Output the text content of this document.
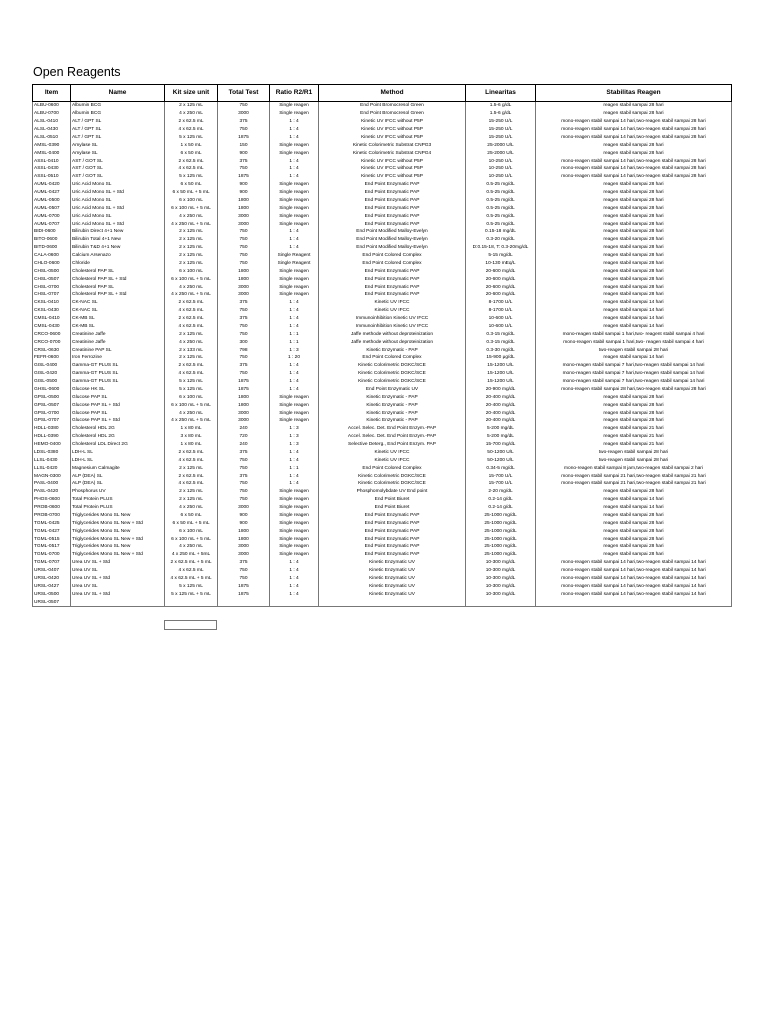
Open Reagents
Item	Name	Kit size unit	Total Test	Ratio R2/R1	Method	Linearitas	Stabilitas Reagen
ALBU-0600	Albumin BCG	2 x 125 mL	750	Single reagen	End Point Bromocresol Green	1.5-6 g/dL	reagen stabil sampai 28 hari
ALBU-0700	Albumin BCG	4 x 250 mL	3000	Single reagen	End Point Bromocresol Green	1.5-6 g/dL	reagen stabil sampai 28 hari
ALSL-0410	ALT / GPT SL	2 x 62.5 mL	375	1 : 4	Kinetic UV IFCC without P5P	15-250 U/L	mono-reagen stabil sampai 14 hari,two-reagen stabil sampai 28 hari
ALSL-0430	ALT / GPT SL	4 x 62.5 mL	750	1 : 4	Kinetic UV IFCC without P5P	15-250 U/L	mono-reagen stabil sampai 14 hari,two-reagen stabil sampai 28 hari
ALSL-0510	ALT / GPT SL	5 x 125 mL	1875	1 : 4	Kinetic UV IFCC without P5P	15-250 U/L	mono-reagen stabil sampai 14 hari,two-reagen stabil sampai 28 hari
AMSL-0390	Amylase SL	1 x 50 mL	150	Single reagen	Kinetic Colorimetric Substrat CNPG3	25-2000 U/L	reagen stabil sampai 28 hari
AMSL-0400	Amylase SL	6 x 50 mL	900	Single reagen	Kinetic Colorimetric Substrat CNPG4	25-2000 U/L	reagen stabil sampai 28 hari
ASSL-0410	AST / GOT SL	2 x 62.5 mL	375	1 : 4	Kinetic UV IFCC without P5P	10-250 U/L	mono-reagen stabil sampai 14 hari,two-reagen stabil sampai 28 hari
ASSL-0430	AST / GOT SL	4 x 62.5 mL	750	1 : 4	Kinetic UV IFCC without P5P	10-250 U/L	mono-reagen stabil sampai 14 hari,two-reagen stabil sampai 28 hari
ASSL-0510	AST / GOT SL	5 x 125 mL	1875	1 : 4	Kinetic UV IFCC without P5P	10-250 U/L	mono-reagen stabil sampai 14 hari,two-reagen stabil sampai 28 hari
AUML-0420	Uric Acid Mono SL	6 x 50 mL	900	Single reagen	End Point Enzymatic PAP	0.5-25 mg/dL	reagen stabil sampai 28 hari
AUML-0427	Uric Acid Mono SL + Std	6 x 50 mL + 5 mL	900	Single reagen	End Point Enzymatic PAP	0.5-25 mg/dL	reagen stabil sampai 28 hari
AUML-0500	Uric Acid Mono SL	6 x 100 mL	1800	Single reagen	End Point Enzymatic PAP	0.5-25 mg/dL	reagen stabil sampai 28 hari
AUML-0507	Uric Acid Mono SL + Std	6 x 100 mL + 5 mL	1800	Single reagen	End Point Enzymatic PAP	0.5-25 mg/dL	reagen stabil sampai 28 hari
AUML-0700	Uric Acid Mono SL	4 x 250 mL	3000	Single reagen	End Point Enzymatic PAP	0.5-25 mg/dL	reagen stabil sampai 28 hari
AUML-0707	Uric Acid Mono SL + Std	4 x 250 mL + 5 mL	3000	Single reagen	End Point Enzymatic PAP	0.5-25 mg/dL	reagen stabil sampai 28 hari
BIDI-0600	Bilirubin Direct 4+1 New	2 x 125 mL	750	1 : 4	End Point Modified Malloy-Evelyn	0.15-18 mg/dL	reagen stabil sampai 28 hari
BITO-0600	Bilirubin Total 4+1 New	2 x 125 mL	750	1 : 4	End Point Modified Malloy-Evelyn	0.3-20 mg/dL	reagen stabil sampai 28 hari
BITD-0600	Bilirubin T&D 4+1 New	2 x 125 mL	750	1 : 4	End Point Modified Malloy-Evelyn	D:0.15-18, T: 0.3-20mg/dL	reagen stabil sampai 28 hari
CALA-0600	Calcium Arsenazo	2 x 125 mL	750	Single Reagent	End Point Colored Complex	5-15 mg/dL	reagen stabil sampai 28 hari
CHLO-0600	Chloride	2 x 125 mL	750	Single Reagent	End Point Colored Complex	10-130 mEq/L	reagen stabil sampai 28 hari
CHSL-0500	Cholesterol PAP SL	6 x 100 mL	1800	Single reagen	End Point Enzymatic PAP	20-600 mg/dL	reagen stabil sampai 28 hari
CHSL-0507	Cholesterol PAP SL + Std	6 x 100 mL + 5 mL	1800	Single reagen	End Point Enzymatic PAP	20-600 mg/dL	reagen stabil sampai 28 hari
CHSL-0700	Cholesterol PAP SL	4 x 250 mL	3000	Single reagen	End Point Enzymatic PAP	20-600 mg/dL	reagen stabil sampai 28 hari
CHSL-0707	Cholesterol PAP SL + Std	4 x 250 mL + 5 mL	3000	Single reagen	End Point Enzymatic PAP	20-600 mg/dL	reagen stabil sampai 28 hari
CKSL-0410	CK-NAC SL	2 x 62.5 mL	375	1 : 4	Kinetic UV IFCC	8-1700 U/L	reagen stabil sampai 14 hari
CKSL-0430	CK-NAC SL	4 x 62.5 mL	750	1 : 4	Kinetic UV IFCC	8-1700 U/L	reagen stabil sampai 14 hari
CMSL-0410	CK-MB SL	2 x 62.5 mL	375	1 : 4	Immunoinhibition Kinetic UV IFCC	10-600 U/L	reagen stabil sampai 14 hari
CMSL-0430	CK-MB SL	4 x 62.5 mL	750	1 : 4	Immunoinhibition Kinetic UV IFCC	10-600 U/L	reagen stabil sampai 14 hari
CRCO-0600	Creatinine Jaffe	2 x 125 mL	750	1 : 1	Jaffe methode without deproteinization	0.3-15 mg/dL	mono-reagen stabil sampai 1 hari,two- reagent stabil sampai 4 hari
CRCO-0700	Creatinine Jaffe	4 x 250 mL	300	1 : 1	Jaffe methode without deproteinization	0.3-15 mg/dL	mono-reagen stabil sampai 1 hari,two- reagen stabil sampai 4 hari
CRSL-0630	Creatinine PAP SL	2 x 133 mL	798	1 : 3	Kinetic Enzymatic - PAP	0.3-30 mg/dL	two-reagen stabil sampai 28 hari
FEFR-0600	Iron Ferrozine	2 x 125 mL	750	1 : 20	End Point Colored Complex	15-900 μg/dL	reagen stabil sampai 14 hari
GISL-0400	Gamma-GT PLUS SL	2 x 62.5 mL	375	1 : 4	Kinetic Colorimetric DGKC/SCE	15-1200 U/L	mono-reagen stabil sampai 7 hari,two-reagen stabil sampai 14 hari
GISL-0420	Gamma-GT PLUS SL	4 x 62.5 mL	750	1 : 4	Kinetic Colorimetric DGKC/SCE	15-1200 U/L	mono-reagen stabil sampai 7 hari,two-reagen stabil sampai 14 hari
GISL-0500	Gamma-GT PLUS SL	5 x 125 mL	1875	1 : 4	Kinetic Colorimetric DGKC/SCE	15-1200 U/L	mono-reagen stabil sampai 7 hari,two-reagen stabil sampai 14 hari
GHSL-0600	Glucose HK SL	5 x 125 mL	1875	1 : 4	End Point Enzymatic UV	20-900 mg/dL	mono-reagen stabil sampai 28 hari,two-reagen stabil sampai 28 hari
GPSL-0500	Glucose PAP SL	6 x 100 mL	1800	Single reagen	Kinetic Enzymatic - PAP	20-400 mg/dL	reagen stabil sampai 28 hari
GPSL-0507	Glucose PAP SL + Std	6 x 100 mL + 5 mL	1800	Single reagen	Kinetic Enzymatic - PAP	20-400 mg/dL	reagen stabil sampai 28 hari
GPSL-0700	Glucose PAP SL	4 x 250 mL	3000	Single reagen	Kinetic Enzymatic - PAP	20-400 mg/dL	reagen stabil sampai 28 hari
GPSL-0707	Glucose PAP SL + Std	4 x 250 mL + 5 mL	3000	Single reagen	Kinetic Enzymatic - PAP	20-400 mg/dL	reagen stabil sampai 28 hari
HDLL-0380	Cholesterol HDL 2G	1 x 80 mL	240	1 : 3	Accel. Selec. Det. End Point Enzym.-PAP	5-200 mg/dL	reagen stabil sampai 21 hari
HDLL-0390	Cholesterol HDL 2G	3 x 80 mL	720	1 : 3	Accel. Selec. Det. End Point Enzym.-PAP	5-200 mg/dL	reagen stabil sampai 21 hari
HEMO-0400	Cholesterol LDL Direct 2G	1 x 80 mL	240	1 : 3	Selective Deterg., End Point Enzym. PAP	15-700 mg/dL	reagen stabil sampai 21 hari
LDSL-0380	LDH-L SL	2 x 62.5 mL	375	1 : 4	Kinetic UV IFCC	50-1200 U/L	two-reagen stabil sampai 28 hari
LLSL-0430	LDH-L SL	4 x 62.5 mL	750	1 : 4	Kinetic UV IFCC	50-1200 U/L	two-reagen stabil sampai 28 hari
LLSL-0420	Magnesium Calmagite	2 x 125 mL	750	1 : 1	End Point Colored Complex	0.34-5 mg/dL	mono-reagen stabil sampai 8 jam,two-reagen stabil sampai 2 hari
MAGN-0300	ALP (DEA) SL	2 x 62.5 mL	375	1 : 4	Kinetic Colorimetric DGKC/SCE	15-700 U/L	mono-reagen stabil sampai 21 hari,two-reagen stabil sampai 21 hari
PASL-0400	ALP (DEA) SL	4 x 62.5 mL	750	1 : 4	Kinetic Colorimetric DGKC/SCE	15-700 U/L	mono-reagen stabil sampai 21 hari,two-reagen stabil sampai 21 hari
PASL-0420	Phosphorus UV	2 x 125 mL	750	Single reagen	Phosphomolybdate UV End point	2-20 mg/dL	reagen stabil sampai 28 hari
PHOS-0600	Total Protein PLUS	2 x 125 mL	750	Single reagen	End Point Biuret	0.2-14 g/dL	reagen stabil sampai 14 hari
PROB-0600	Total Protein PLUS	4 x 250 mL	3000	Single reagen	End Point Biuret	0.2-14 g/dL	reagen stabil sampai 14 hari
PROB-0700	Triglycerides Mono SL New	6 x 50 mL	900	Single reagen	End Point Enzymatic PAP	25-1000 mg/dL	reagen stabil sampai 28 hari
TGML-0425	Triglycerides Mono SL New + Std	6 x 50 mL + 5 mL	900	Single reagen	End Point Enzymatic PAP	25-1000 mg/dL	reagen stabil sampai 28 hari
TGML-0427	Triglycerides Mono SL New	6 x 100 mL	1800	Single reagen	End Point Enzymatic PAP	25-1000 mg/dL	reagen stabil sampai 28 hari
TGML-0515	Triglycerides Mono SL New + Std	6 x 100 mL + 5 mL	1800	Single reagen	End Point Enzymatic PAP	25-1000 mg/dL	reagen stabil sampai 28 hari
TGML-0517	Triglycerides Mono SL New	4 x 250 mL	3000	Single reagen	End Point Enzymatic PAP	25-1000 mg/dL	reagen stabil sampai 28 hari
TGML-0700	Triglycerides Mono SL New + Std	4 x 250 mL + 5mL	3000	Single reagen	End Point Enzymatic PAP	25-1000 mg/dL	reagen stabil sampai 28 hari
TGML-0707	Urea UV SL + Std	2 x 62.5 mL + 5 mL	375	1 : 4	Kinetic Enzymatic UV	10-300 mg/dL	mono-reagen stabil sampai 14 hari,two-reagen stabil sampai 14 hari
URSL-0407	Urea UV SL	4 x 62.5 mL	750	1 : 4	Kinetic Enzymatic UV	10-300 mg/dL	mono-reagen stabil sampai 14 hari,two-reagen stabil sampai 14 hari
URSL-0420	Urea UV SL + Std	4 x 62.5 mL + 5 mL	750	1 : 4	Kinetic Enzymatic UV	10-300 mg/dL	mono-reagen stabil sampai 14 hari,two-reagen stabil sampai 14 hari
URSL-0427	Urea UV SL	5 x 125 mL	1875	1 : 4	Kinetic Enzymatic UV	10-300 mg/dL	mono-reagen stabil sampai 14 hari,two-reagen stabil sampai 14 hari
URSL-0500	Urea UV SL + Std	5 x 125 mL + 5 mL	1875	1 : 4	Kinetic Enzymatic UV	10-300 mg/dL	mono-reagen stabil sampai 14 hari,two-reagen stabil sampai 14 hari
URSL-0507							
